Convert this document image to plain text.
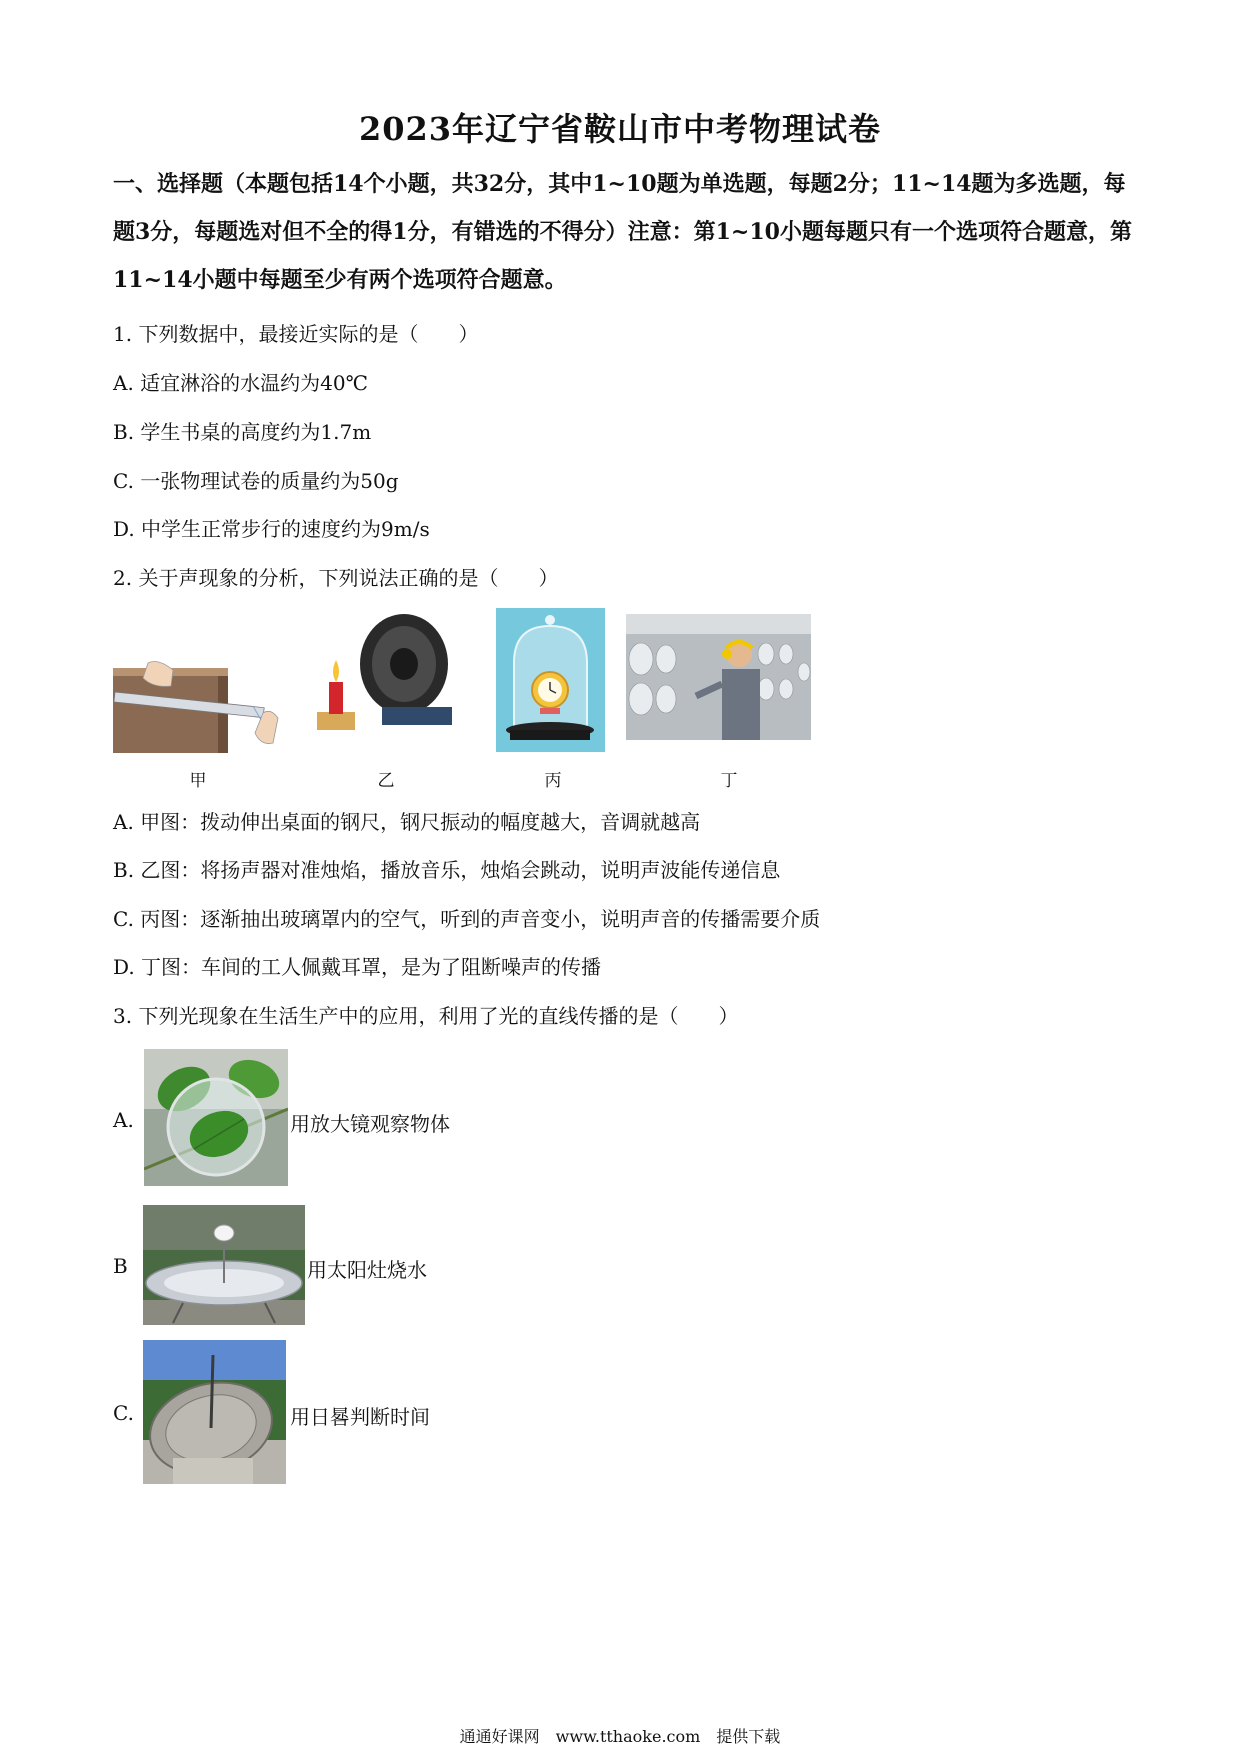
2023年辽宁省鞍山市中考物理试卷
一、选择题（本题包括14个小题，共32分，其中1~10题为单选题，每题2分；11~14题为多选题，每题3分，每题选对但不全的得1分，有错选的不得分）注意：第1~10小题每题只有一个选项符合题意，第11~14小题中每题至少有两个选项符合题意。
1. 下列数据中，最接近实际的是（　　）
A. 适宜淋浴的水温约为40℃
B. 学生书桌的高度约为1.7m
C. 一张物理试卷的质量约为50g
D. 中学生正常步行的速度约为9m/s
2. 关于声现象的分析，下列说法正确的是（　　）
甲	乙	丙	丁
A. 甲图：拨动伸出桌面的钢尺，钢尺振动的幅度越大，音调就越高
B. 乙图：将扬声器对准烛焰，播放音乐，烛焰会跳动，说明声波能传递信息
C. 丙图：逐渐抽出玻璃罩内的空气，听到的声音变小，说明声音的传播需要介质
D. 丁图：车间的工人佩戴耳罩，是为了阻断噪声的传播
3. 下列光现象在生活生产中的应用，利用了光的直线传播的是（　　）
A.	用放大镜观察物体
B	用太阳灶烧水
C.	用日晷判断时间
通通好课网　www.tthaoke.com　提供下载
